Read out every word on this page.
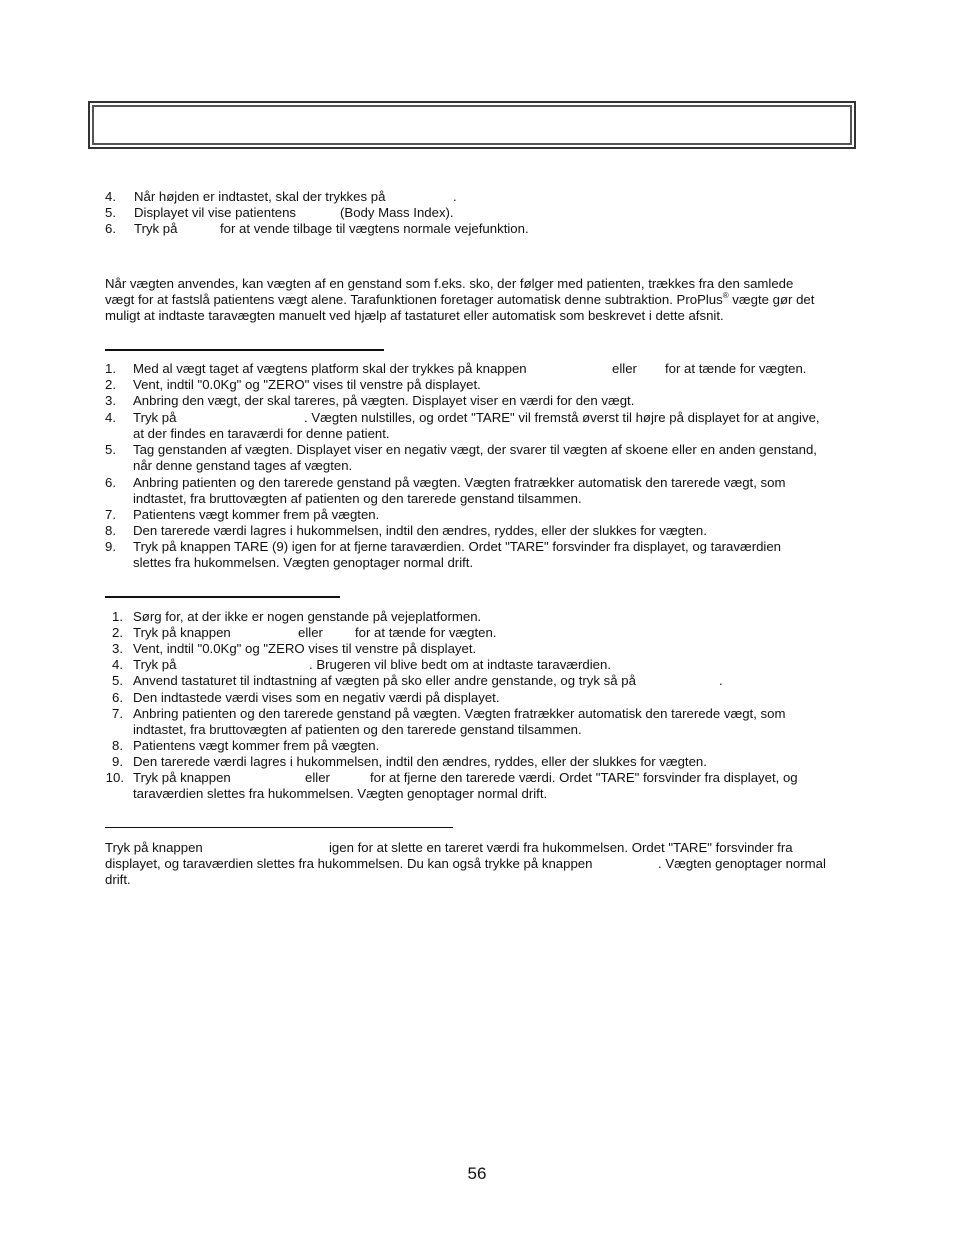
4. Når højden er indtastet, skal der trykkes på	.
5. Displayet vil vise patientens	(Body Mass Index).
6. Tryk på	for at vende tilbage til vægtens normale vejefunktion.
Når vægten anvendes, kan vægten af en genstand som f.eks. sko, der følger med patienten, trækkes fra den samlede
vægt for at fastslå patientens vægt alene. Tarafunktionen foretager automatisk denne subtraktion. ProPlus® vægte gør det
muligt at indtaste taravægten manuelt ved hjælp af tastaturet eller automatisk som beskrevet i dette afsnit.
1. Med al vægt taget af vægtens platform skal der trykkes på knappen	eller for at tænde for vægten.
2. Vent, indtil "0.0Kg" og "ZERO" vises til venstre på displayet.
3. Anbring den vægt, der skal tareres, på vægten. Displayet viser en værdi for den vægt.
4. Tryk på	. Vægten nulstilles, og ordet "TARE" vil fremstå øverst til højre på displayet for at angive,
at der findes en taraværdi for denne patient.
5. Tag genstanden af vægten. Displayet viser en negativ vægt, der svarer til vægten af skoene eller en anden genstand,
når denne genstand tages af vægten.
6. Anbring patienten og den tarerede genstand på vægten. Vægten fratrækker automatisk den tarerede vægt, som
indtastet, fra bruttovægten af patienten og den tarerede genstand tilsammen.
7. Patientens vægt kommer frem på vægten.
8. Den tarerede værdi lagres i hukommelsen, indtil den ændres, ryddes, eller der slukkes for vægten.
9. Tryk på knappen TARE (9) igen for at fjerne taraværdien. Ordet "TARE" forsvinder fra displayet, og taraværdien
slettes fra hukommelsen. Vægten genoptager normal drift.
1. Sørg for, at der ikke er nogen genstande på vejeplatformen.
2. Tryk på knappen	eller for at tænde for vægten.
3. Vent, indtil "0.0Kg" og "ZERO vises til venstre på displayet.
4. Tryk på	. Brugeren vil blive bedt om at indtaste taraværdien.
5. Anvend tastaturet til indtastning af vægten på sko eller andre genstande, og tryk så på	.
6. Den indtastede værdi vises som en negativ værdi på displayet.
7. Anbring patienten og den tarerede genstand på vægten. Vægten fratrækker automatisk den tarerede vægt, som
indtastet, fra bruttovægten af patienten og den tarerede genstand tilsammen.
8. Patientens vægt kommer frem på vægten.
9. Den tarerede værdi lagres i hukommelsen, indtil den ændres, ryddes, eller der slukkes for vægten.
10. Tryk på knappen	eller	for at fjerne den tarerede værdi. Ordet "TARE" forsvinder fra displayet, og
taraværdien slettes fra hukommelsen. Vægten genoptager normal drift.
Tryk på knappen	igen for at slette en tareret værdi fra hukommelsen. Ordet "TARE" forsvinder fra
displayet, og taraværdien slettes fra hukommelsen. Du kan også trykke på knappen	. Vægten genoptager normal
drift.
56
